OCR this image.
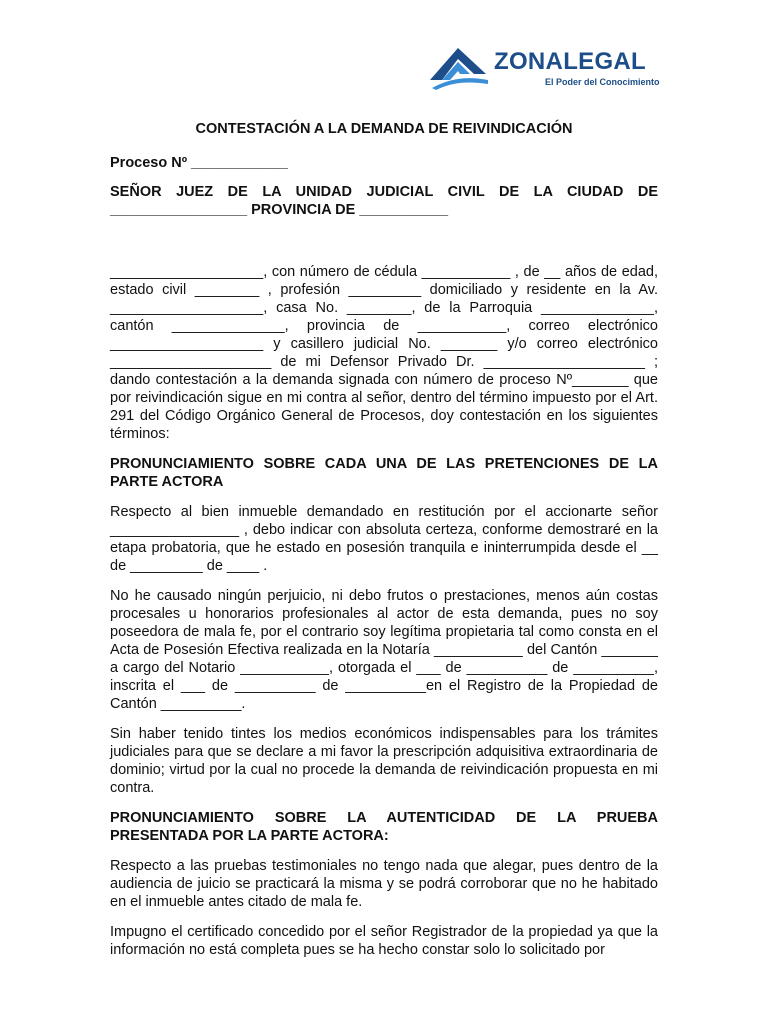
ZONALEGAL
El Poder del Conocimiento

CONTESTACIÓN A LA DEMANDA DE REIVINDICACIÓN

Proceso Nº ____________

SEÑOR JUEZ DE LA UNIDAD JUDICIAL CIVIL DE LA CIUDAD DE _________________ PROVINCIA DE ___________

___________________, con número de cédula ___________ , de __ años de edad, estado civil ________ , profesión _________ domiciliado y residente en la Av. ___________________, casa No. ________, de la Parroquia ______________, cantón ______________, provincia de ___________, correo electrónico ___________________ y casillero judicial No. _______ y/o correo electrónico ____________________ de mi Defensor Privado Dr. ____________________ ; dando contestación a la demanda signada con número de proceso Nº_______ que por reivindicación sigue en mi contra al señor, dentro del término impuesto por el Art. 291 del Código Orgánico General de Procesos, doy contestación en los siguientes términos:

PRONUNCIAMIENTO SOBRE CADA UNA DE LAS PRETENCIONES DE LA PARTE ACTORA

Respecto al bien inmueble demandado en restitución por el accionarte señor ________________ , debo indicar con absoluta certeza, conforme demostraré en la etapa probatoria, que he estado en posesión tranquila e ininterrumpida desde el __ de _________ de ____ .

No he causado ningún perjuicio, ni debo frutos o prestaciones, menos aún costas procesales u honorarios profesionales al actor de esta demanda, pues no soy poseedora de mala fe, por el contrario soy legítima propietaria tal como consta en el Acta de Posesión Efectiva realizada en la Notaría ___________ del Cantón _______ a cargo del Notario ___________, otorgada el ___ de __________ de __________, inscrita el ___ de __________ de __________en el Registro de la Propiedad de Cantón __________.

Sin haber tenido tintes los medios económicos indispensables para los trámites judiciales para que se declare a mi favor la prescripción adquisitiva extraordinaria de dominio; virtud por la cual no procede la demanda de reivindicación propuesta en mi contra.

PRONUNCIAMIENTO SOBRE LA AUTENTICIDAD DE LA PRUEBA PRESENTADA POR LA PARTE ACTORA:

Respecto a las pruebas testimoniales no tengo nada que alegar, pues dentro de la audiencia de juicio se practicará la misma y se podrá corroborar que no he habitado en el inmueble antes citado de mala fe.

Impugno el certificado concedido por el señor Registrador de la propiedad ya que la información no está completa pues se ha hecho constar solo lo solicitado por
